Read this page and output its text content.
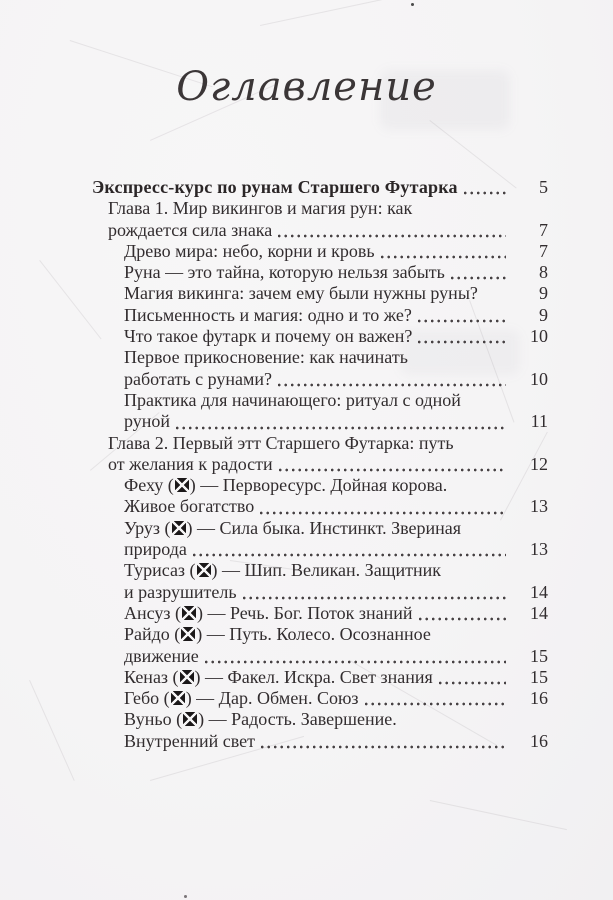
Оглавление
Экспресс-курс по рунам Старшего Футарка	5
Глава 1. Мир викингов и магия рун: как
рождается сила знака	7
Древо мира: небо, корни и кровь	7
Руна — это тайна, которую нельзя забыть	8
Магия викинга: зачем ему были нужны руны?	9
Письменность и магия: одно и то же?	9
Что такое футарк и почему он важен?	10
Первое прикосновение: как начинать
работать с рунами?	10
Практика для начинающего: ритуал с одной
руной	11
Глава 2. Первый этт Старшего Футарка: путь
от желания к радости	12
Феху ( ) — Перворесурс. Дойная корова.
Живое богатство	13
Уруз ( ) — Сила быка. Инстинкт. Звериная
природа	13
Турисаз ( ) — Шип. Великан. Защитник
и разрушитель	14
Ансуз ( ) — Речь. Бог. Поток знаний	14
Райдо ( ) — Путь. Колесо. Осознанное
движение	15
Кеназ ( ) — Факел. Искра. Свет знания	15
Гебо ( ) — Дар. Обмен. Союз	16
Вуньо ( ) — Радость. Завершение.
Внутренний свет	16
